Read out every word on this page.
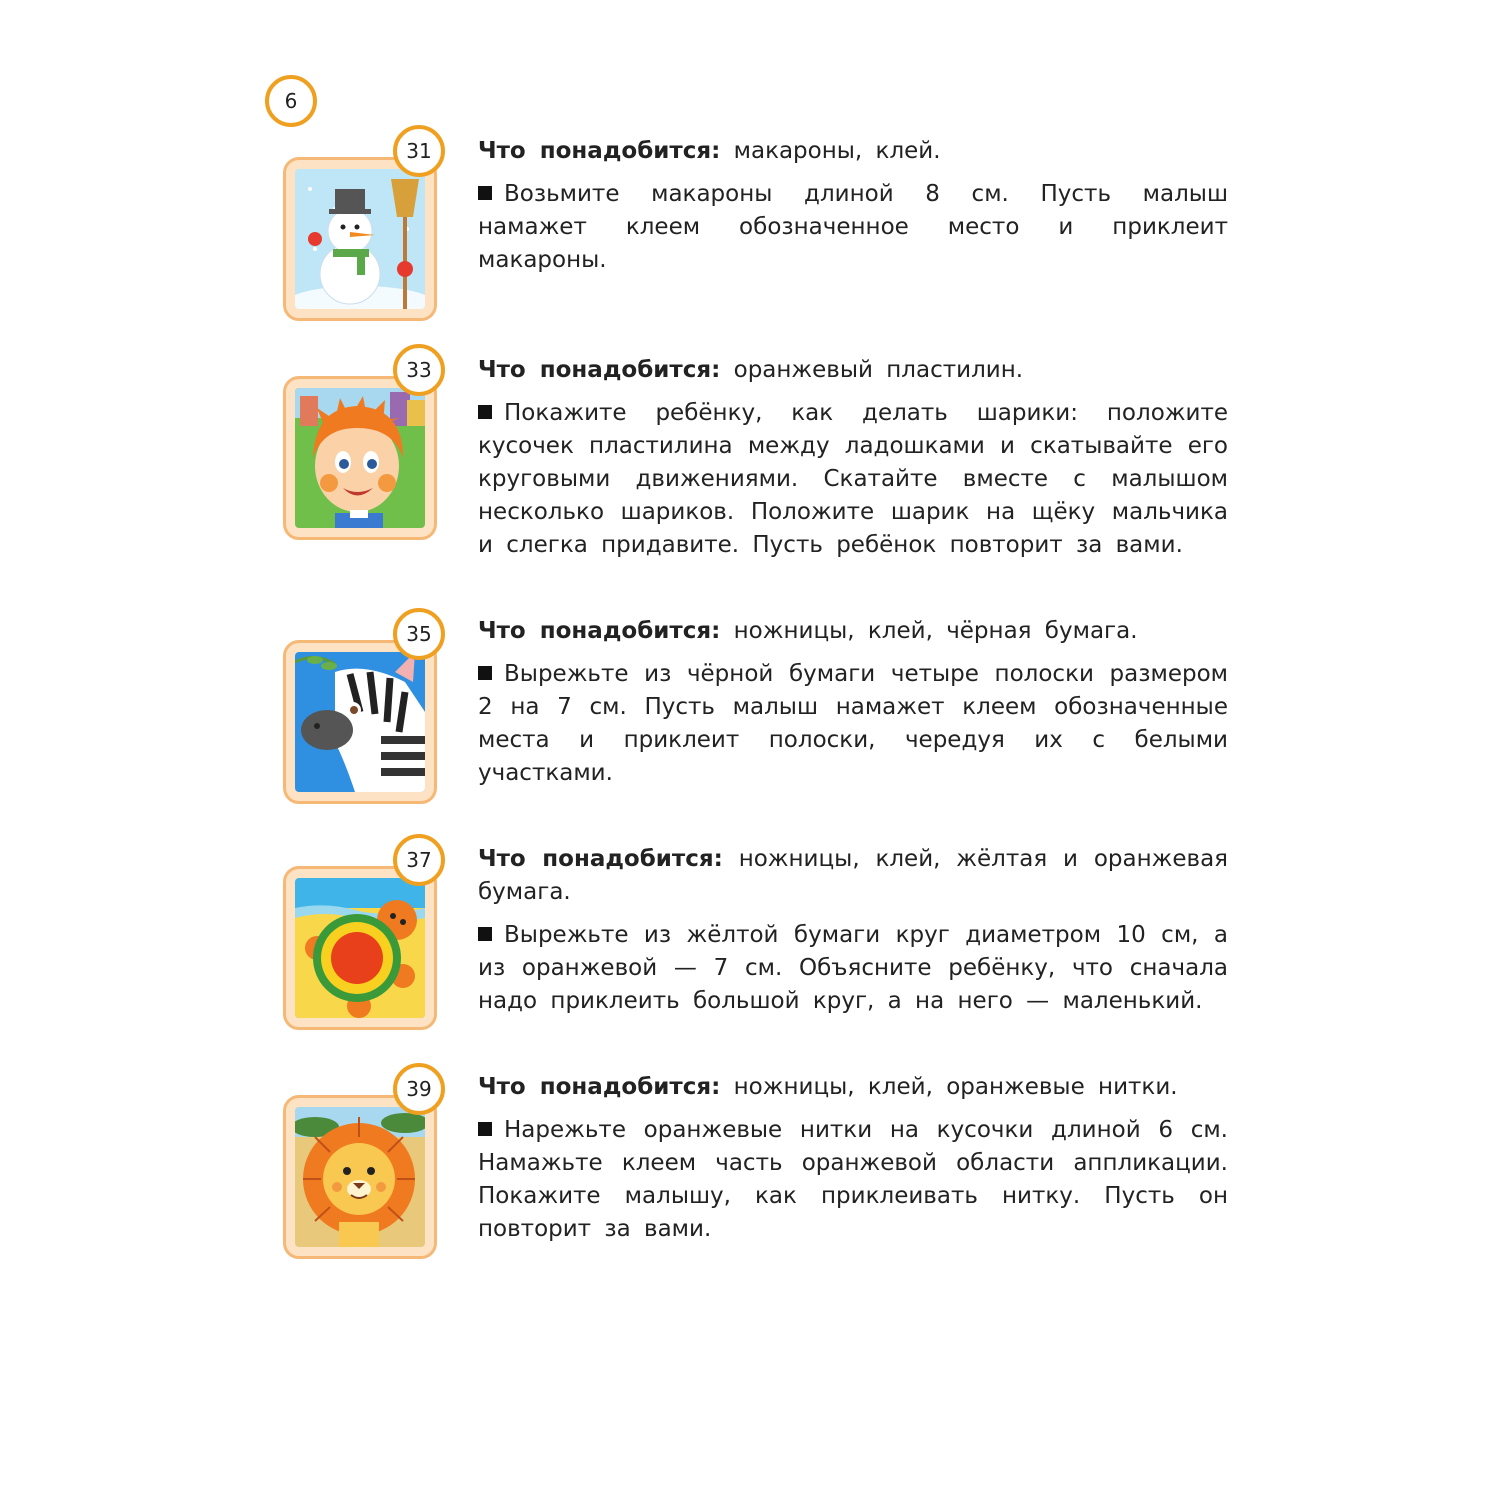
6
31	Что понадобится: макароны, клей.

Возьмите макароны длиной 8 см. Пусть малыш намажет клеем обозначенное место и приклеит макароны.

33	Что понадобится: оранжевый пластилин.

Покажите ребёнку, как делать шарики: положите кусочек пластилина между ладошками и скатывайте его круговыми движениями. Скатайте вместе с малышом несколько шариков. Положите шарик на щёку мальчика и слегка придавите. Пусть ребёнок повторит за вами.

35	Что понадобится: ножницы, клей, чёрная бумага.

Вырежьте из чёрной бумаги четыре полоски размером 2 на 7 см. Пусть малыш намажет клеем обозначенные места и приклеит полоски, чередуя их с белыми участками.

37	Что понадобится: ножницы, клей, жёлтая и оранжевая бумага.

Вырежьте из жёлтой бумаги круг диаметром 10 см, а из оранжевой — 7 см. Объясните ребёнку, что сначала надо приклеить большой круг, а на него — маленький.

39	Что понадобится: ножницы, клей, оранжевые нитки.

Нарежьте оранжевые нитки на кусочки длиной 6 см. Намажьте клеем часть оранжевой области аппликации. Покажите малышу, как приклеивать нитку. Пусть он повторит за вами.
